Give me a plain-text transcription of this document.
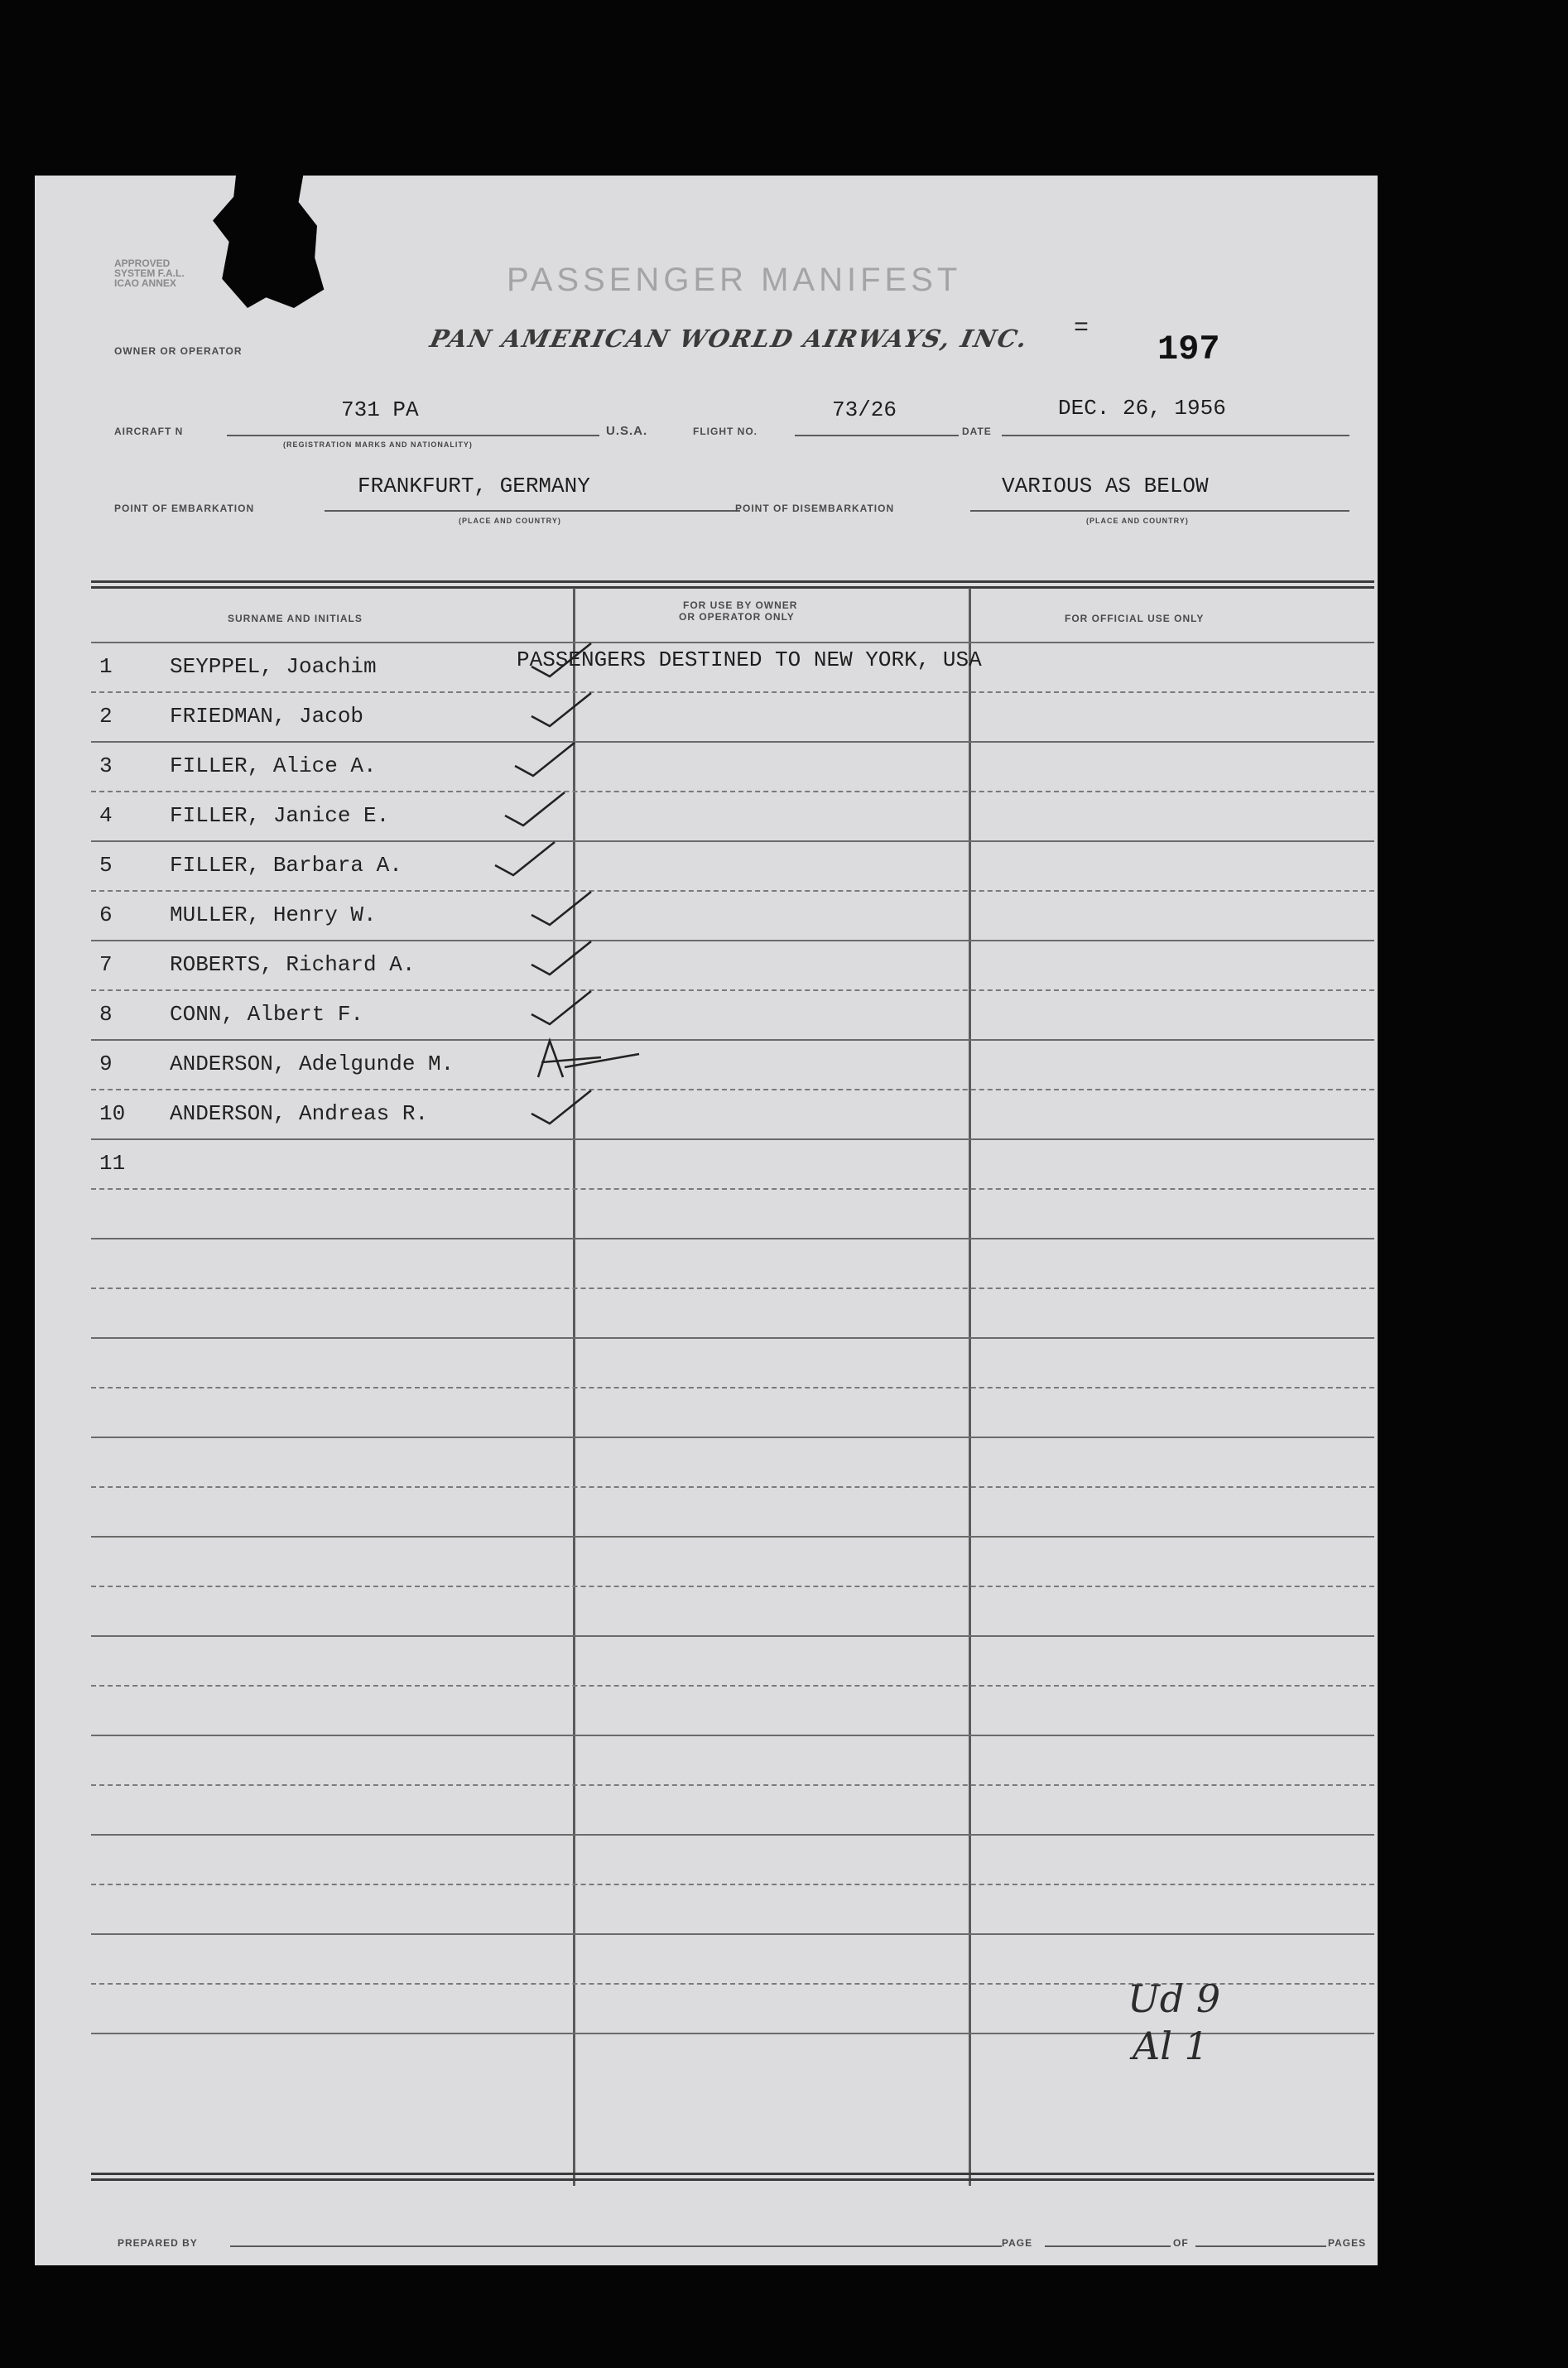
APPROVED
SYSTEM F.A.L.
ICAO ANNEX	PASSENGER MANIFEST
OWNER OR OPERATOR	PAN AMERICAN WORLD AIRWAYS, INC. =
197
AIRCRAFT N
731 PA
(REGISTRATION MARKS AND NATIONALITY)
U.S.A.	FLIGHT NO.
73/26
DATE
DEC. 26, 1956
POINT OF EMBARKATION
FRANKFURT, GERMANY
(PLACE AND COUNTRY)
POINT OF DISEMBARKATION
VARIOUS AS BELOW
(PLACE AND COUNTRY)
SURNAME AND INITIALS
FOR USE BY OWNER
OR OPERATOR ONLY	FOR OFFICIAL USE ONLY
PASSENGERS DESTINED TO NEW YORK, USA
1	SEYPPEL, Joachim
2	FRIEDMAN, Jacob
3	FILLER, Alice A.
4	FILLER, Janice E.
5	FILLER, Barbara A.
6	MULLER, Henry W.
7	ROBERTS, Richard A.
8	CONN, Albert F.
9	ANDERSON, Adelgunde M.
10	ANDERSON, Andreas R.
11
Ud 9
Al 1
PREPARED BY	PAGE	OF	PAGES
